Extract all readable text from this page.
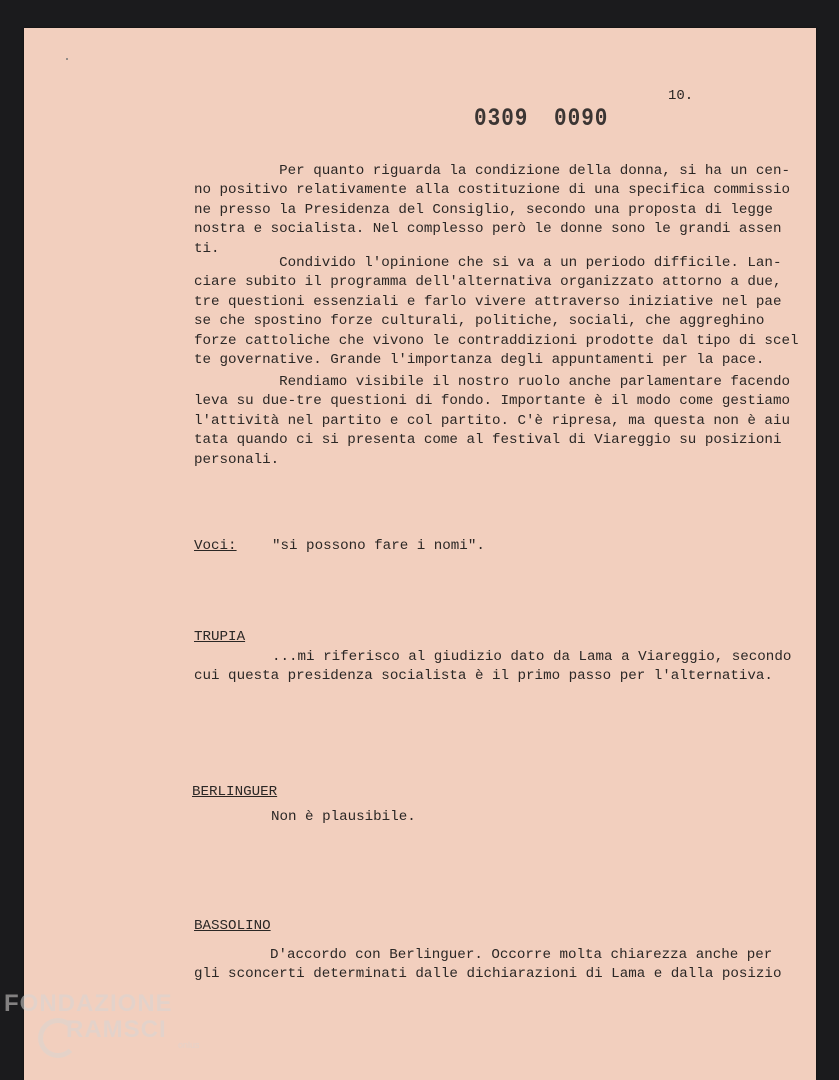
10.
0309 0090
Per quanto riguarda la condizione della donna, si ha un
no positivo relativamente alla costituzione di una specifica commissio
ne presso la Presidenza del Consiglio, secondo una proposta di legge
nostra e socialista. Nel complesso però le donne sono le grandi
ti.
Condivido l'opinione che si va a un periodo difficile.
ciare subito il programma dell'alternativa organizzato attorno a
tre questioni essenziali e farlo vivere attraverso iniziative nel
se che spostino forze culturali, politiche, sociali, che aggreghino
forze cattoliche che vivono le contraddizioni prodotte dal tipo di
te governative. Grande l'importanza degli appuntamenti per la pace.
Rendiamo visibile il nostro ruolo anche parlamentare
leva su due-tre questioni di fondo. Importante è il modo come
l'attività nel partito e col partito. C'è ripresa, ma questa non è
tata quando ci si presenta come al festival di Viareggio su posizioni
personali.
Voci: "si possono fare i nomi".
TRUPIA
...mi riferisco al giudizio dato da Lama a Viareggio, secondo
cui questa presidenza socialista è il primo passo per l'alternativa.
BERLINGUER
Non è plausibile.
BASSOLINO
D'accordo con Berlinguer. Occorre molta chiarezza anche per
gli sconcerti determinati dalle dichiarazioni di Lama e dalla posizio
FONDAZIONE
RAMSCI
onlus
